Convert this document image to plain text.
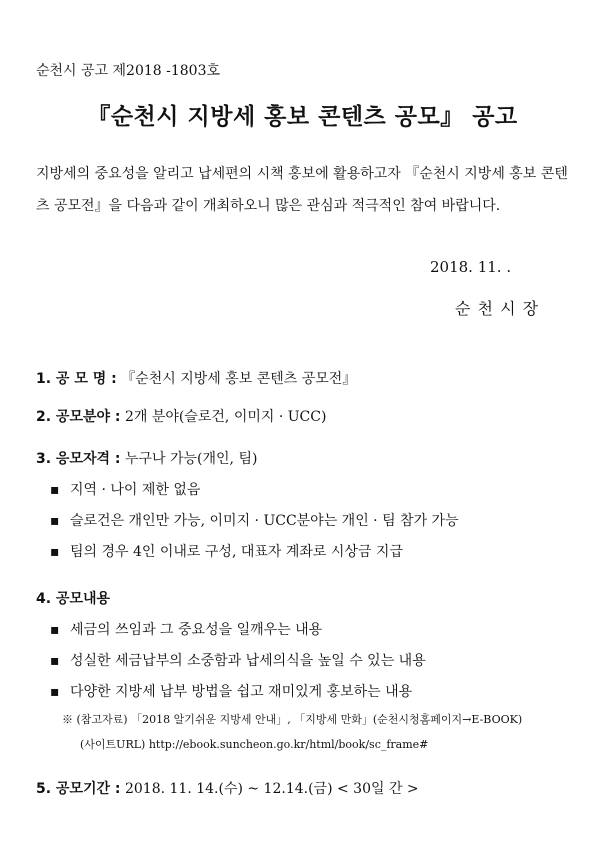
순천시 공고 제2018 -1803호
『순천시 지방세 홍보 콘텐츠 공모』 공고
지방세의 중요성을 알리고 납세편의 시책 홍보에 활용하고자 『순천시 지방세 홍보 콘텐츠 공모전』을 다음과 같이 개최하오니 많은 관심과 적극적인 참여 바랍니다.
2018. 11. .
순 천 시 장
1. 공 모 명 : 『순천시 지방세 홍보 콘텐츠 공모전』
2. 공모분야 : 2개 분야(슬로건, 이미지 · UCC)
3. 응모자격 : 누구나 가능(개인, 팀)
▪ 지역 · 나이 제한 없음
▪ 슬로건은 개인만 가능, 이미지 · UCC분야는 개인 · 팀 참가 가능
▪ 팀의 경우 4인 이내로 구성, 대표자 계좌로 시상금 지급
4. 공모내용
▪ 세금의 쓰임과 그 중요성을 일깨우는 내용
▪ 성실한 세금납부의 소중함과 납세의식을 높일 수 있는 내용
▪ 다양한 지방세 납부 방법을 쉽고 재미있게 홍보하는 내용
※ (참고자료) 「2018 알기쉬운 지방세 안내」, 「지방세 만화」(순천시청홈페이지→E-BOOK)
(사이트URL) http://ebook.suncheon.go.kr/html/book/sc_frame#
5. 공모기간 : 2018. 11. 14.(수) ~ 12.14.(금) < 30일 간 >
